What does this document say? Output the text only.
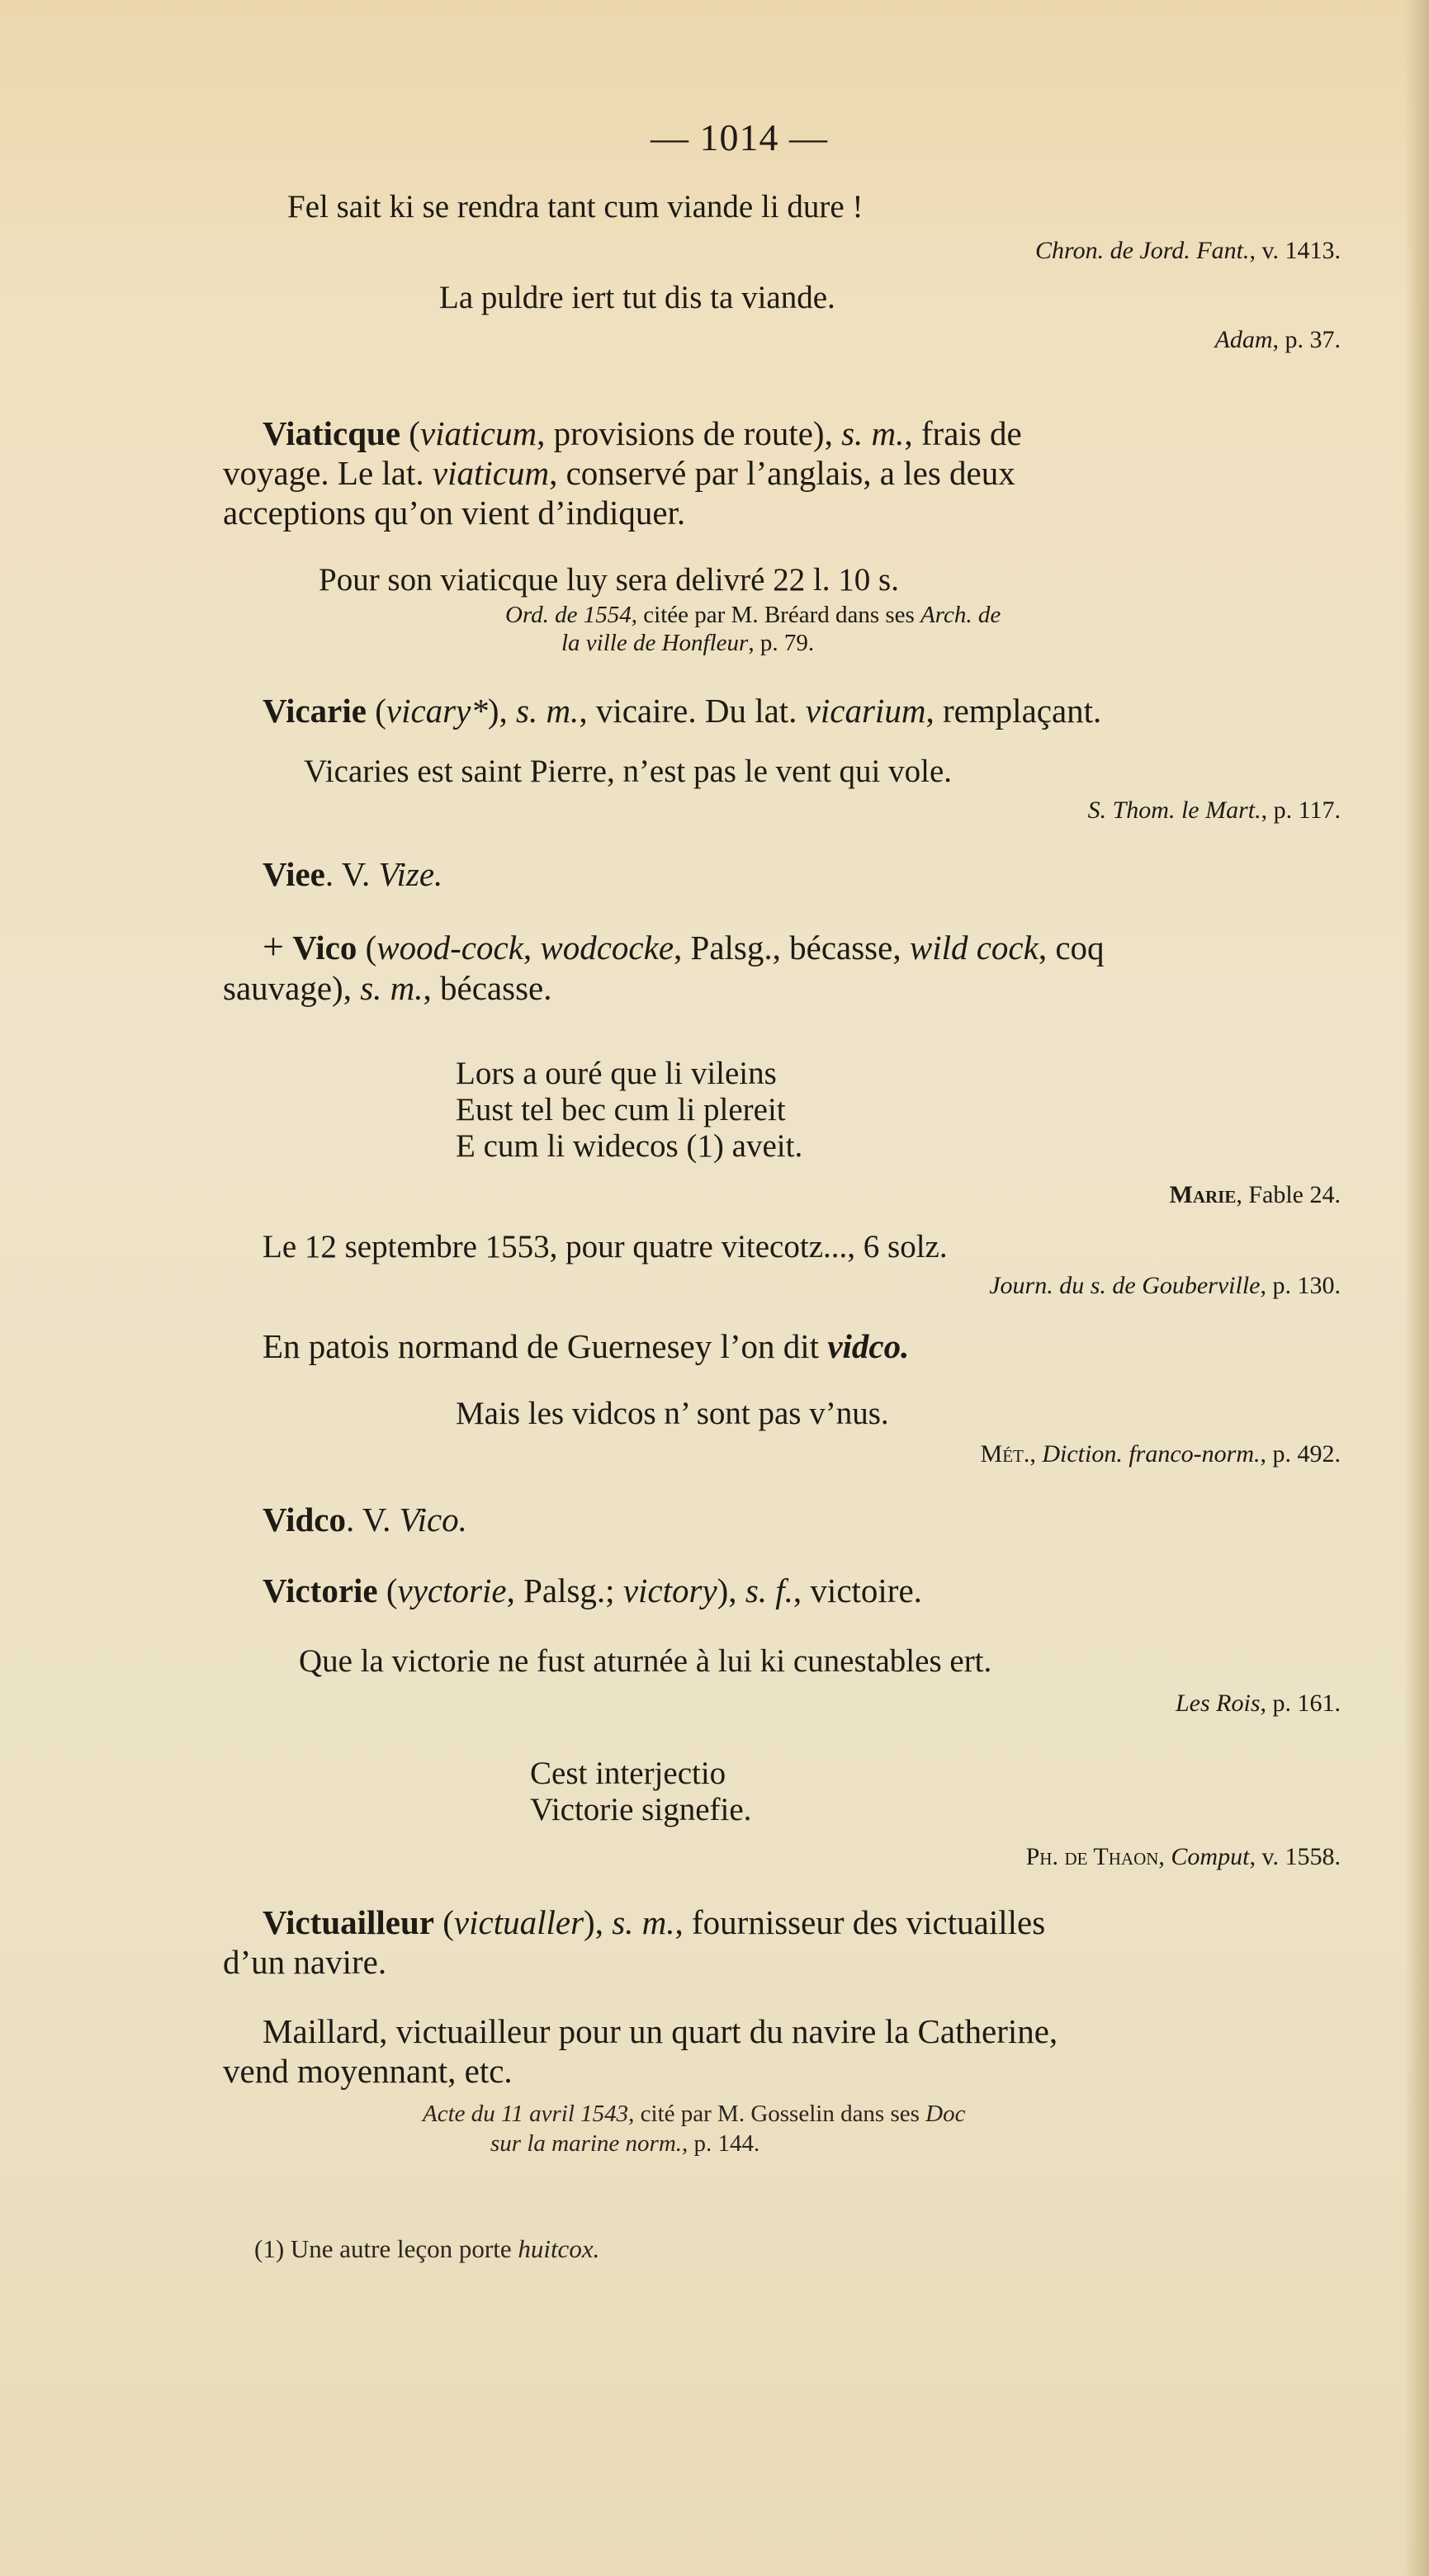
— 1014 —
Fel sait ki se rendra tant cum viande li dure !
Chron. de Jord. Fant., v. 1413.
La puldre iert tut dis ta viande.
Adam, p. 37.
Viaticque (viaticum, provisions de route), s. m., frais de
voyage. Le lat. viaticum, conservé par l’anglais, a les deux
acceptions qu’on vient d’indiquer.
Pour son viaticque luy sera delivré 22 l. 10 s.
Ord. de 1554, citée par M. Bréard dans ses Arch. de
la ville de Honfleur, p. 79.
Vicarie (vicary*), s. m., vicaire. Du lat. vicarium, remplaçant.
Vicaries est saint Pierre, n’est pas le vent qui vole.
S. Thom. le Mart., p. 117.
Viee. V. Vize.
+ Vico (wood-cock, wodcocke, Palsg., bécasse, wild cock, coq
sauvage), s. m., bécasse.
Lors a ouré que li vileins
Eust tel bec cum li plereit
E cum li widecos (1) aveit.
Marie, Fable 24.
Le 12 septembre 1553, pour quatre vitecotz..., 6 solz.
Journ. du s. de Gouberville, p. 130.
En patois normand de Guernesey l’on dit vidco.
Mais les vidcos n’ sont pas v’nus.
Mét., Diction. franco-norm., p. 492.
Vidco. V. Vico.
Victorie (vyctorie, Palsg.; victory), s. f., victoire.
Que la victorie ne fust aturnée à lui ki cunestables ert.
Les Rois, p. 161.
Cest interjectio
Victorie signefie.
Ph. de Thaon, Comput, v. 1558.
Victuailleur (victualler), s. m., fournisseur des victuailles
d’un navire.
Maillard, victuailleur pour un quart du navire la Catherine,
vend moyennant, etc.
Acte du 11 avril 1543, cité par M. Gosselin dans ses Doc
sur la marine norm., p. 144.
(1) Une autre leçon porte huitcox.
